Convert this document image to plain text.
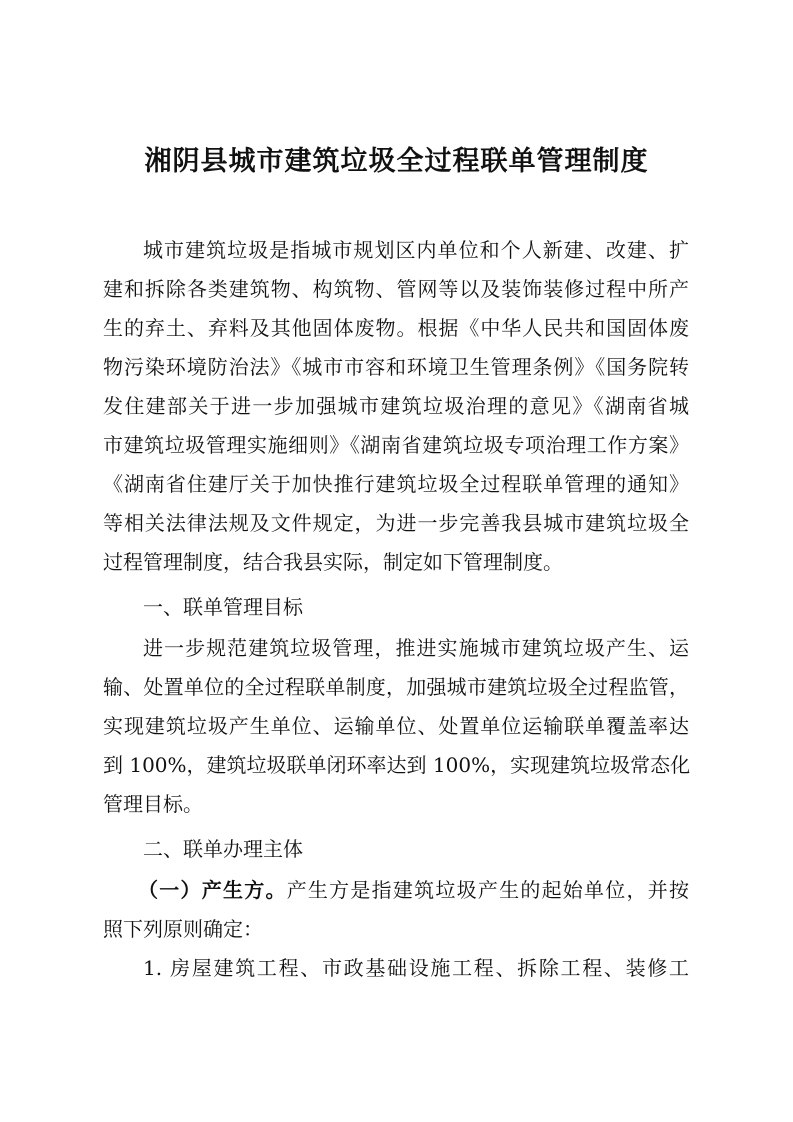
湘阴县城市建筑垃圾全过程联单管理制度
城市建筑垃圾是指城市规划区内单位和个人新建、改建、扩
建和拆除各类建筑物、构筑物、管网等以及装饰装修过程中所产
生的弃土、弃料及其他固体废物。根据《中华人民共和国固体废
物污染环境防治法》《城市市容和环境卫生管理条例》《国务院转
发住建部关于进一步加强城市建筑垃圾治理的意见》《湖南省城
市建筑垃圾管理实施细则》《湖南省建筑垃圾专项治理工作方案》
《湖南省住建厅关于加快推行建筑垃圾全过程联单管理的通知》
等相关法律法规及文件规定，为进一步完善我县城市建筑垃圾全
过程管理制度，结合我县实际，制定如下管理制度。
一、联单管理目标
进一步规范建筑垃圾管理，推进实施城市建筑垃圾产生、运
输、处置单位的全过程联单制度，加强城市建筑垃圾全过程监管，
实现建筑垃圾产生单位、运输单位、处置单位运输联单覆盖率达
到 100%，建筑垃圾联单闭环率达到 100%，实现建筑垃圾常态化
管理目标。
二、联单办理主体
（一）产生方。产生方是指建筑垃圾产生的起始单位，并按
照下列原则确定：
1. 房屋建筑工程、市政基础设施工程、拆除工程、装修工
